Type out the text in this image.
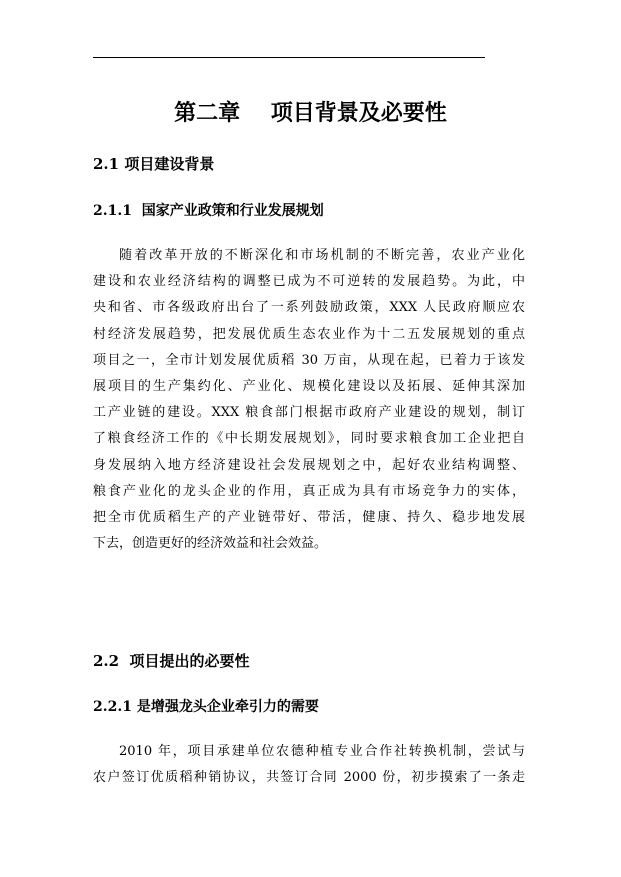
第二章    项目背景及必要性
2.1 项目建设背景
2.1.1  国家产业政策和行业发展规划
随着改革开放的不断深化和市场机制的不断完善，农业产业化
建设和农业经济结构的调整已成为不可逆转的发展趋势。为此，中
央和省、市各级政府出台了一系列鼓励政策，XXX 人民政府顺应农
村经济发展趋势，把发展优质生态农业作为十二五发展规划的重点
项目之一，全市计划发展优质稻 30 万亩，从现在起，已着力于该发
展项目的生产集约化、产业化、规模化建设以及拓展、延伸其深加
工产业链的建设。XXX 粮食部门根据市政府产业建设的规划，制订
了粮食经济工作的《中长期发展规划》，同时要求粮食加工企业把自
身发展纳入地方经济建设社会发展规划之中，起好农业结构调整、
粮食产业化的龙头企业的作用，真正成为具有市场竞争力的实体，
把全市优质稻生产的产业链带好、带活，健康、持久、稳步地发展
下去，创造更好的经济效益和社会效益。
2.2  项目提出的必要性
2.2.1 是增强龙头企业牵引力的需要
2010 年，项目承建单位农德种植专业合作社转换机制，尝试与
农户签订优质稻种销协议，共签订合同 2000 份，初步摸索了一条走
